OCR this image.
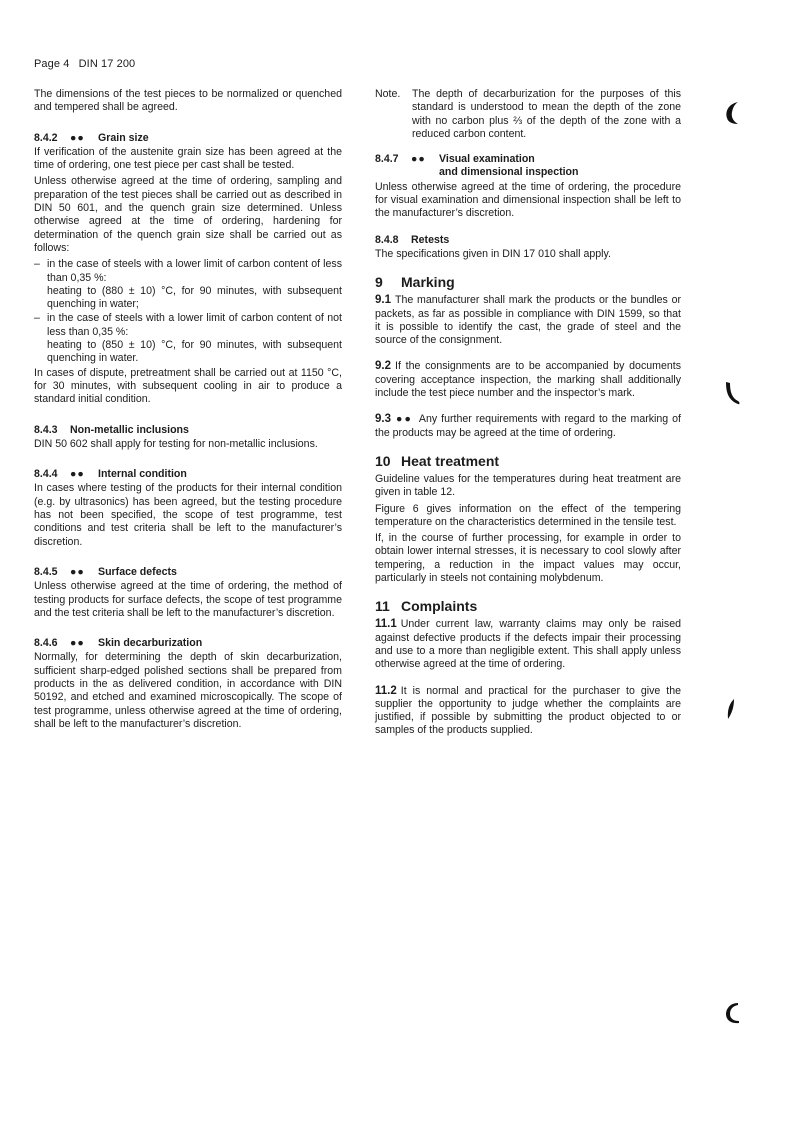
Page 4 DIN 17 200

The dimensions of the test pieces to be normalized or quenched and tempered shall be agreed.

8.4.2 ●● Grain size

If verification of the austenite grain size has been agreed at the time of ordering, one test piece per cast shall be tested.

Unless otherwise agreed at the time of ordering, sampling and preparation of the test pieces shall be carried out as described in DIN 50 601, and the quench grain size determined. Unless otherwise agreed at the time of ordering, hardening for determination of the quench grain size shall be carried out as follows:

– in the case of steels with a lower limit of carbon content of less than 0,35 %:

heating to (880 ± 10) °C, for 90 minutes, with subsequent quenching in water;

– in the case of steels with a lower limit of carbon content of not less than 0,35 %:

heating to (850 ± 10) °C, for 90 minutes, with subsequent quenching in water.

In cases of dispute, pretreatment shall be carried out at 1150 °C, for 30 minutes, with subsequent cooling in air to produce a standard initial condition.

8.4.3 Non-metallic inclusions

DIN 50 602 shall apply for testing for non-metallic inclusions.

8.4.4 ●● Internal condition

In cases where testing of the products for their internal condition (e.g. by ultrasonics) has been agreed, but the testing procedure has not been specified, the scope of test programme, test conditions and test criteria shall be left to the manufacturer’s discretion.

8.4.5 ●● Surface defects

Unless otherwise agreed at the time of ordering, the method of testing products for surface defects, the scope of test programme and the test criteria shall be left to the manufacturer’s discretion.

8.4.6 ●● Skin decarburization

Normally, for determining the depth of skin decarburization, sufficient sharp-edged polished sections shall be prepared from products in the as delivered condition, in accordance with DIN 50192, and etched and examined microscopically. The scope of test programme, unless otherwise agreed at the time of ordering, shall be left to the manufacturer’s discretion.

Note. The depth of decarburization for the purposes of this standard is understood to mean the depth of the zone with no carbon plus ⅔ of the depth of the zone with a reduced carbon content.
8.4.7 ●● Visual examination
and dimensional inspection

Unless otherwise agreed at the time of ordering, the procedure for visual examination and dimensional inspection shall be left to the manufacturer’s discretion.

8.4.8 Retests

The specifications given in DIN 17 010 shall apply.

9 Marking

9.1 The manufacturer shall mark the products or the bundles or packets, as far as possible in compliance with DIN 1599, so that it is possible to identify the cast, the grade of steel and the source of the consignment.

9.2 If the consignments are to be accompanied by documents covering acceptance inspection, the marking shall additionally include the test piece number and the inspector’s mark.

9.3 ●● Any further requirements with regard to the marking of the products may be agreed at the time of ordering.

10 Heat treatment

Guideline values for the temperatures during heat treatment are given in table 12.

Figure 6 gives information on the effect of the tempering temperature on the characteristics determined in the tensile test.

If, in the course of further processing, for example in order to obtain lower internal stresses, it is necessary to cool slowly after tempering, a reduction in the impact values may occur, particularly in steels not containing molybdenum.

11 Complaints

11.1 Under current law, warranty claims may only be raised against defective products if the defects impair their processing and use to a more than negligible extent. This shall apply unless otherwise agreed at the time of ordering.

11.2 It is normal and practical for the purchaser to give the supplier the opportunity to judge whether the complaints are justified, if possible by submitting the product objected to or samples of the products supplied.
